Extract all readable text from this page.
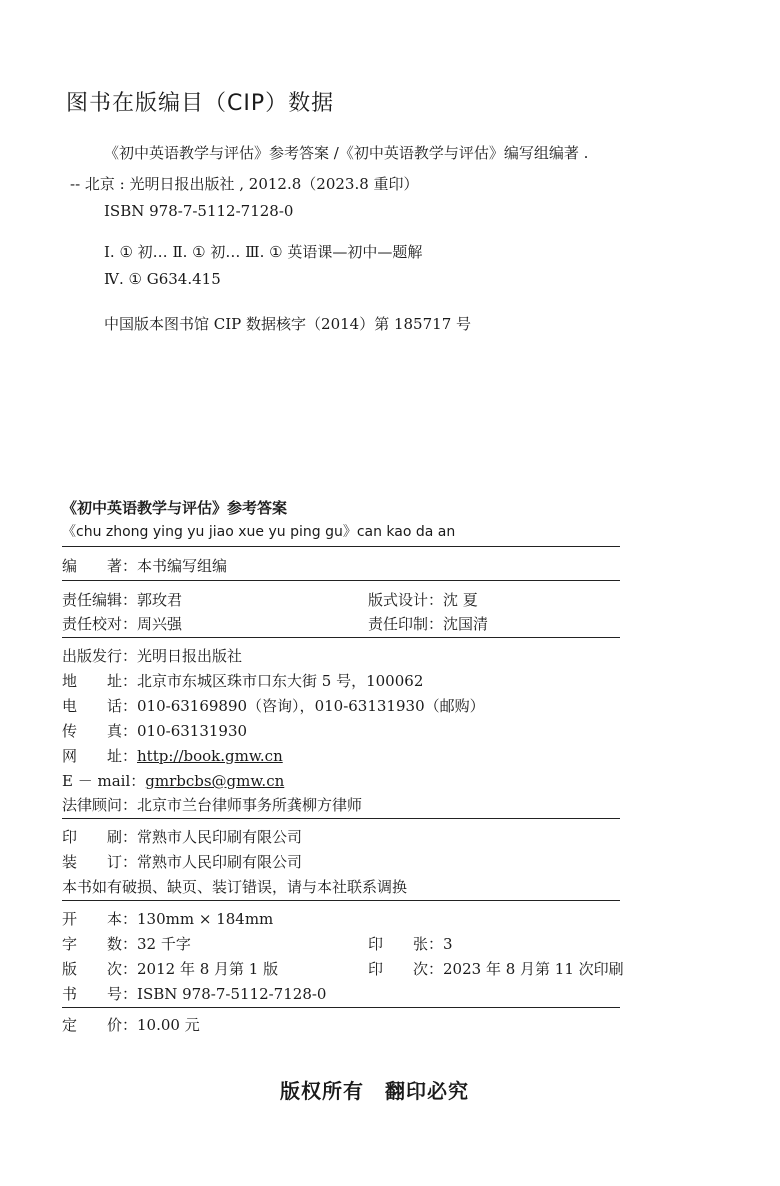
图书在版编目（CIP）数据
《初中英语教学与评估》参考答案 /《初中英语教学与评估》编写组编著 .
-- 北京 : 光明日报出版社 , 2012.8（2023.8 重印）
ISBN 978-7-5112-7128-0
Ⅰ. ① 初… Ⅱ. ① 初… Ⅲ. ① 英语课—初中—题解
Ⅳ. ① G634.415
中国版本图书馆 CIP 数据核字（2014）第 185717 号
《初中英语教学与评估》参考答案
《chu zhong ying yu jiao xue yu ping gu》can kao da an
编　　著：本书编写组编
责任编辑：郭玫君	版式设计：沈 夏
责任校对：周兴强	责任印制：沈国清
出版发行：光明日报出版社
地　　址：北京市东城区珠市口东大街 5 号，100062
电　　话：010-63169890（咨询），010-63131930（邮购）
传　　真：010-63131930
网　　址：http://book.gmw.cn
E － mail：gmrbcbs@gmw.cn
法律顾问：北京市兰台律师事务所龚柳方律师
印　　刷：常熟市人民印刷有限公司
装　　订：常熟市人民印刷有限公司
本书如有破损、缺页、装订错误，请与本社联系调换
开　　本：130mm × 184mm
字　　数：32 千字	印　　张：3
版　　次：2012 年 8 月第 1 版	印　　次：2023 年 8 月第 11 次印刷
书　　号：ISBN 978-7-5112-7128-0
定　　价：10.00 元
版权所有　翻印必究
